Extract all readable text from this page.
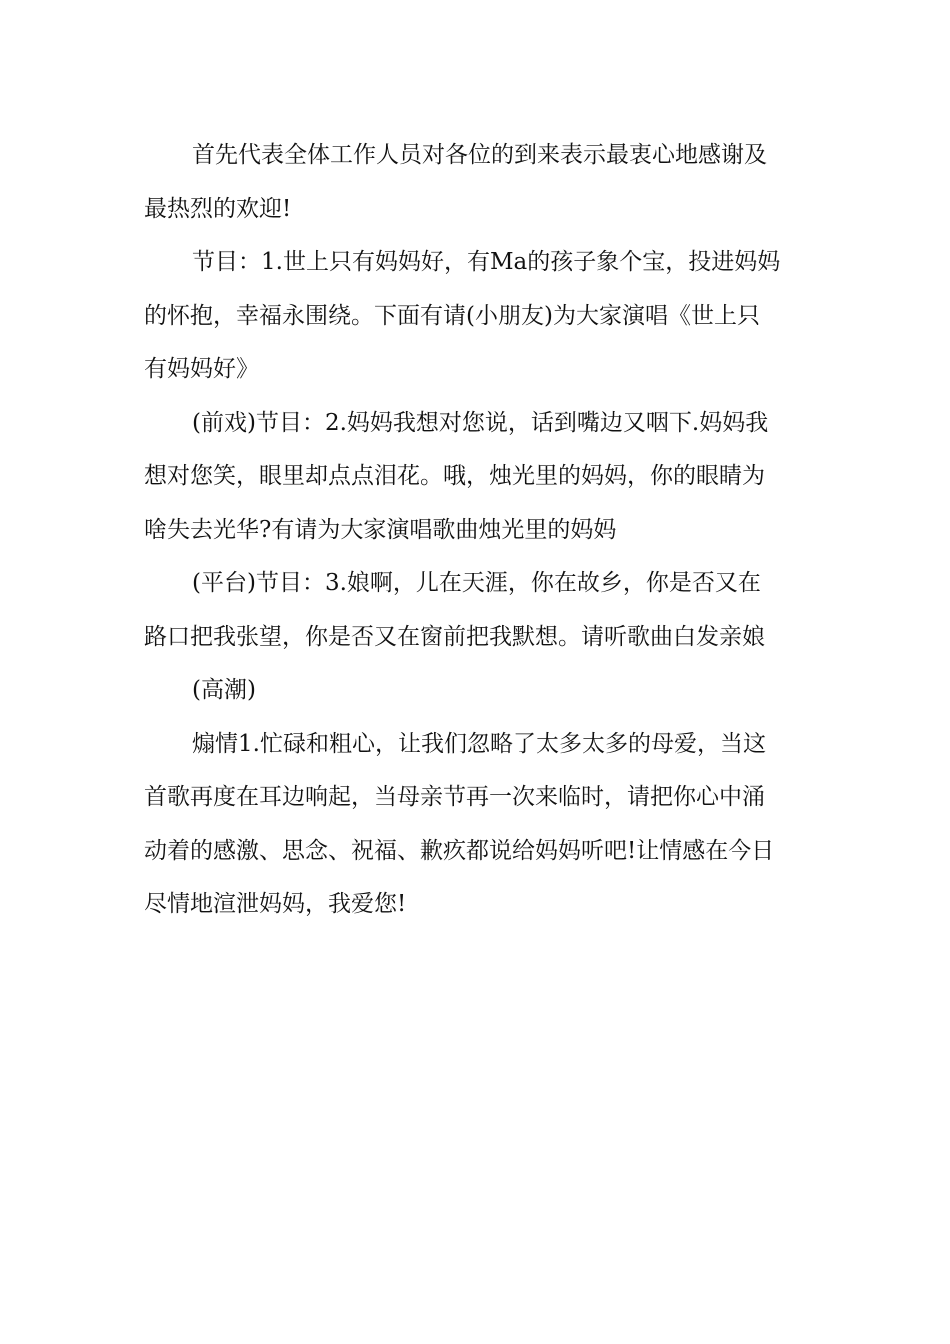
首先代表全体工作人员对各位的到来表示最衷心地感谢及
最热烈的欢迎!
节目：1.世上只有妈妈好，有Ma的孩子象个宝，投进妈妈
的怀抱，幸福永围绕。下面有请(小朋友)为大家演唱《世上只
有妈妈好》
(前戏)节目：2.妈妈我想对您说，话到嘴边又咽下.妈妈我
想对您笑，眼里却点点泪花。哦，烛光里的妈妈，你的眼睛为
啥失去光华?有请为大家演唱歌曲烛光里的妈妈
(平台)节目：3.娘啊，儿在天涯，你在故乡，你是否又在
路口把我张望，你是否又在窗前把我默想。请听歌曲白发亲娘
(高潮)
煽情1.忙碌和粗心，让我们忽略了太多太多的母爱，当这
首歌再度在耳边响起，当母亲节再一次来临时，请把你心中涌
动着的感激、思念、祝福、歉疚都说给妈妈听吧!让情感在今日
尽情地渲泄妈妈，我爱您!
